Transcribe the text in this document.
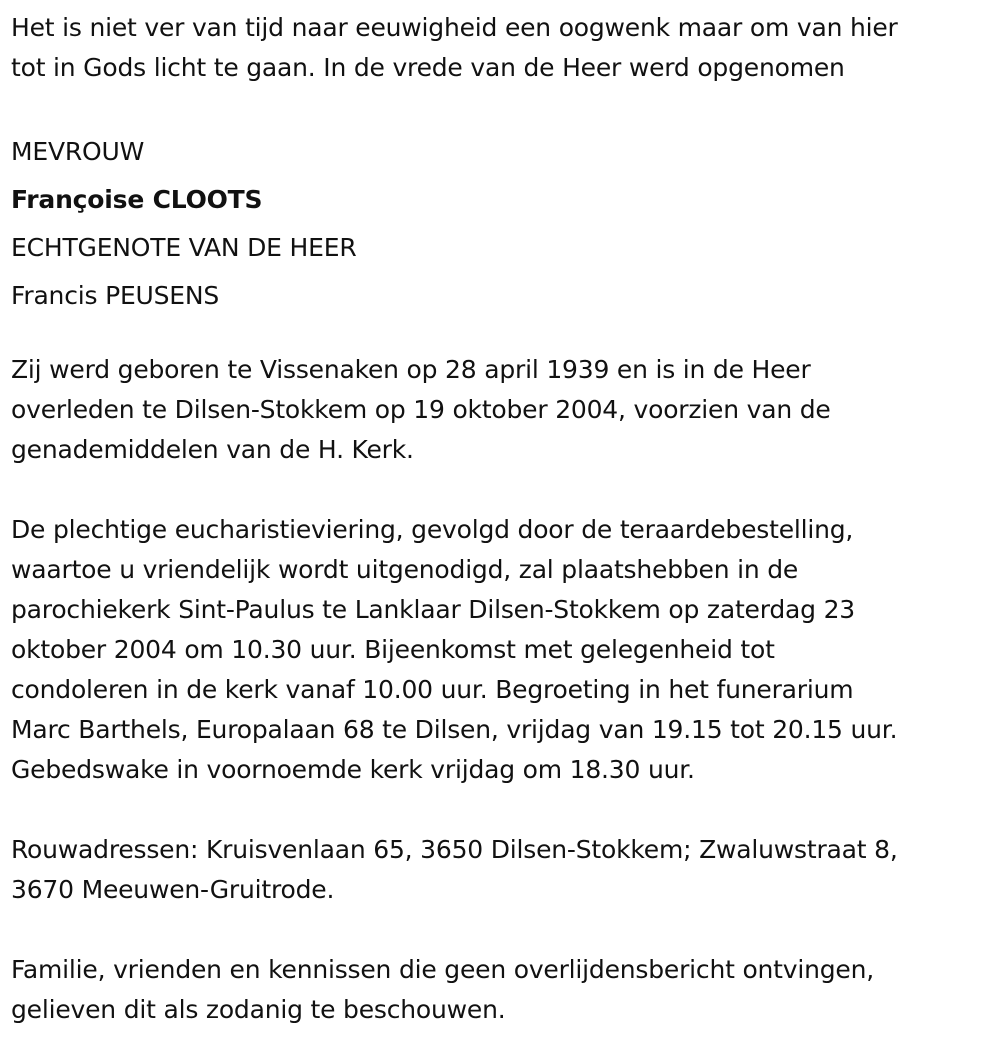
Het is niet ver van tijd naar eeuwigheid een oogwenk maar om van hier
tot in Gods licht te gaan. In de vrede van de Heer werd opgenomen

MEVROUW
Françoise CLOOTS
ECHTGENOTE VAN DE HEER
Francis PEUSENS

Zij werd geboren te Vissenaken op 28 april 1939 en is in de Heer
overleden te Dilsen-Stokkem op 19 oktober 2004, voorzien van de
genademiddelen van de H. Kerk.

De plechtige eucharistieviering, gevolgd door de teraardebestelling,
waartoe u vriendelijk wordt uitgenodigd, zal plaatshebben in de
parochiekerk Sint-Paulus te Lanklaar Dilsen-Stokkem op zaterdag 23
oktober 2004 om 10.30 uur. Bijeenkomst met gelegenheid tot
condoleren in de kerk vanaf 10.00 uur. Begroeting in het funerarium
Marc Barthels, Europalaan 68 te Dilsen, vrijdag van 19.15 tot 20.15 uur.
Gebedswake in voornoemde kerk vrijdag om 18.30 uur.

Rouwadressen: Kruisvenlaan 65, 3650 Dilsen-Stokkem; Zwaluwstraat 8,
3670 Meeuwen-Gruitrode.

Familie, vrienden en kennissen die geen overlijdensbericht ontvingen,
gelieven dit als zodanig te beschouwen.
